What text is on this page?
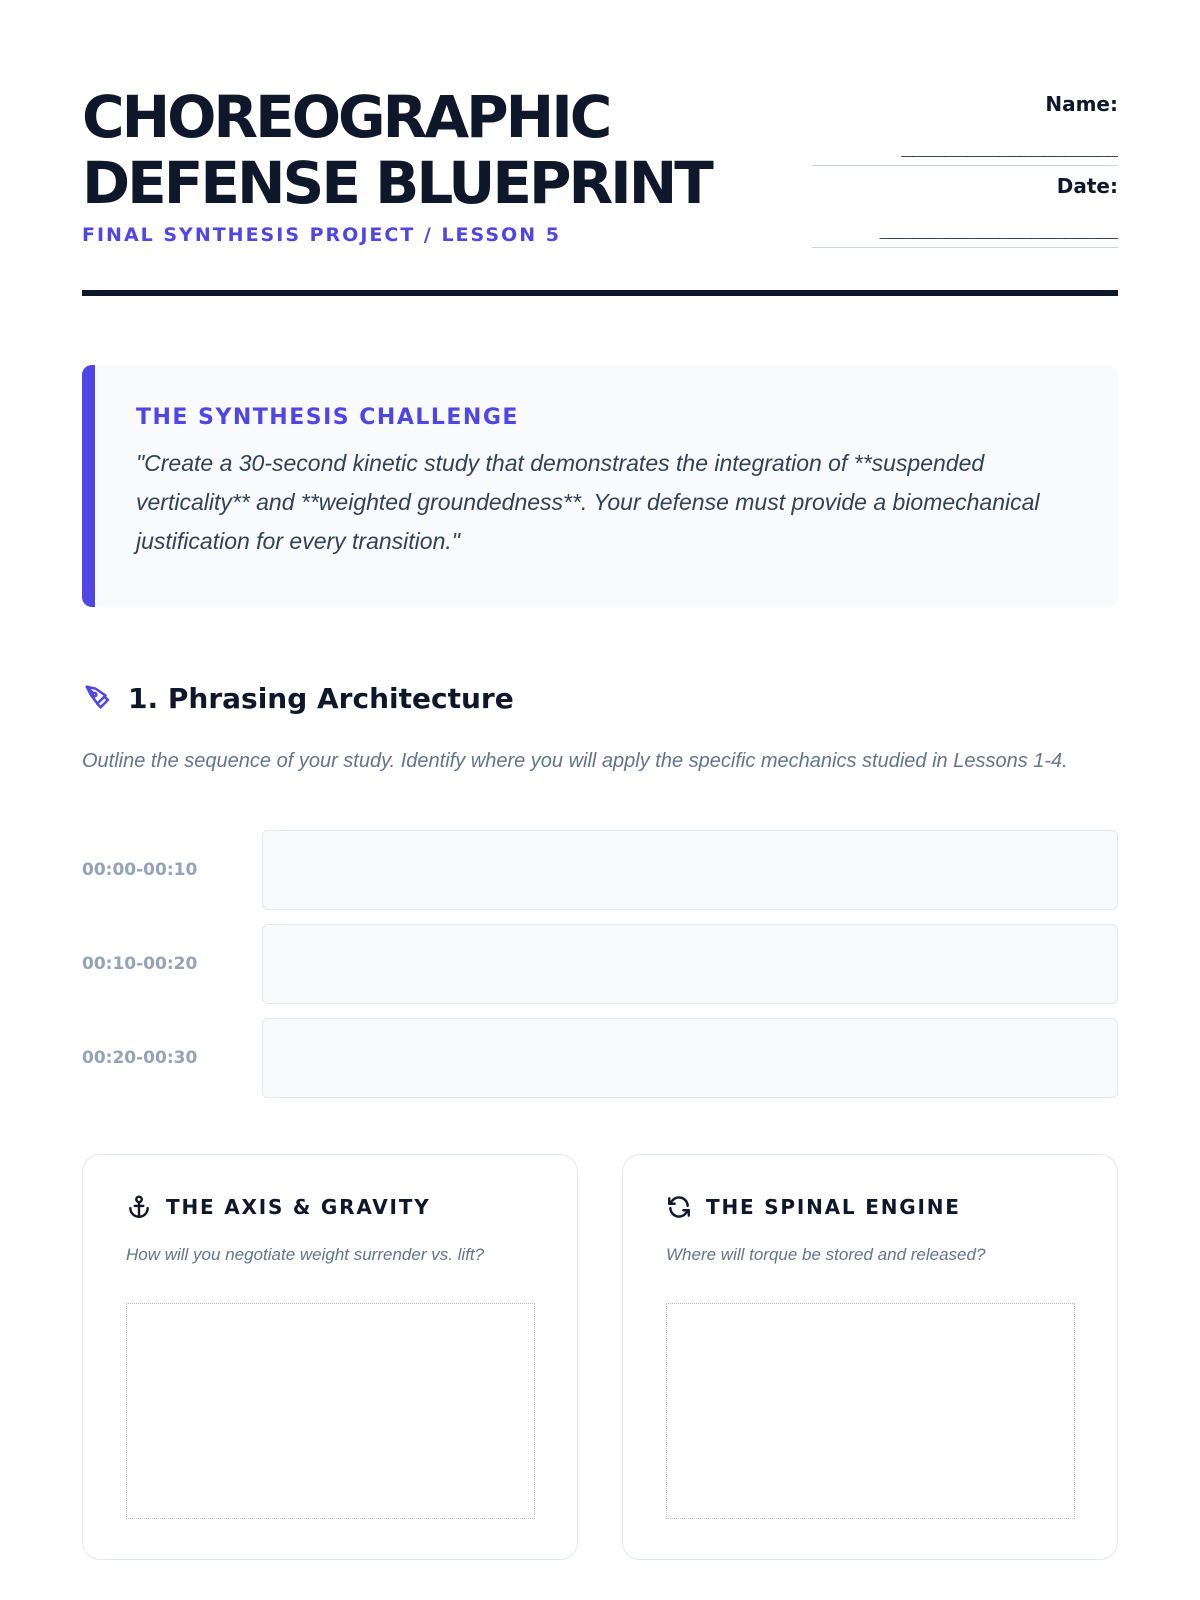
CHOREOGRAPHIC
DEFENSE BLUEPRINT
FINAL SYNTHESIS PROJECT / LESSON 5
Name:
____________________
Date:
______________________
THE SYNTHESIS CHALLENGE

"Create a 30-second kinetic study that demonstrates the integration of **suspended verticality** and **weighted groundedness**. Your defense must provide a biomechanical justification for every transition."

1. Phrasing Architecture

Outline the sequence of your study. Identify where you will apply the specific mechanics studied in Lessons 1-4.

00:00-00:10
00:10-00:20
00:20-00:30
THE AXIS & GRAVITY

How will you negotiate weight surrender vs. lift?

THE SPINAL ENGINE

Where will torque be stored and released?
